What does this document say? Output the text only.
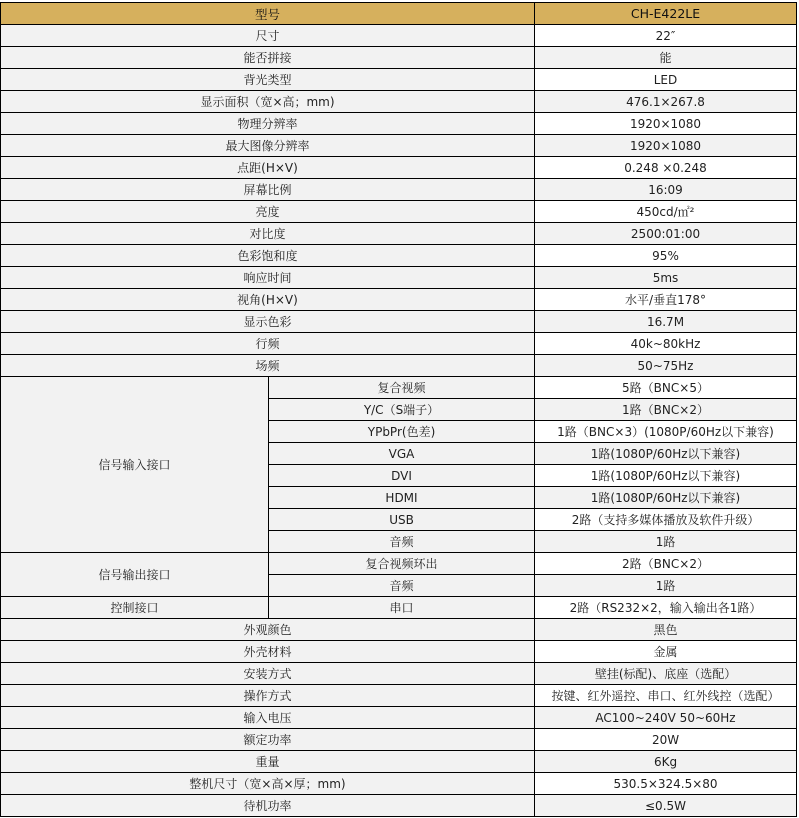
型号		CH-E422LE
尺寸		22″
能否拼接		能
背光类型		LED
显示面积（宽×高；mm)		476.1×267.8
物理分辨率		1920×1080
最大图像分辨率		1920×1080
点距(H×V)		0.248 ×0.248
屏幕比例		16:09
亮度		450cd/㎡²
对比度		2500:01:00
色彩饱和度		95%
响应时间		5ms
视角(H×V)		水平/垂直178°
显示色彩		16.7M
行频		40k~80kHz
场频		50~75Hz
信号输入接口	复合视频	5路（BNC×5）
	Y/C（S端子）	1路（BNC×2）
	YPbPr(色差)	1路（BNC×3）(1080P/60Hz以下兼容)
	VGA	1路(1080P/60Hz以下兼容)
	DVI	1路(1080P/60Hz以下兼容)
	HDMI	1路(1080P/60Hz以下兼容)
	USB	2路（支持多媒体播放及软件升级）
	音频	1路
信号输出接口	复合视频环出	2路（BNC×2）
	音频	1路
控制接口	串口	2路（RS232×2，输入输出各1路）
外观颜色		黑色
外壳材料		金属
安装方式		壁挂(标配)、底座（选配）
操作方式		按键、红外遥控、串口、红外线控（选配）
输入电压		AC100~240V 50~60Hz
额定功率		20W
重量		6Kg
整机尺寸（宽×高×厚；mm)		530.5×324.5×80
待机功率		≤0.5W
